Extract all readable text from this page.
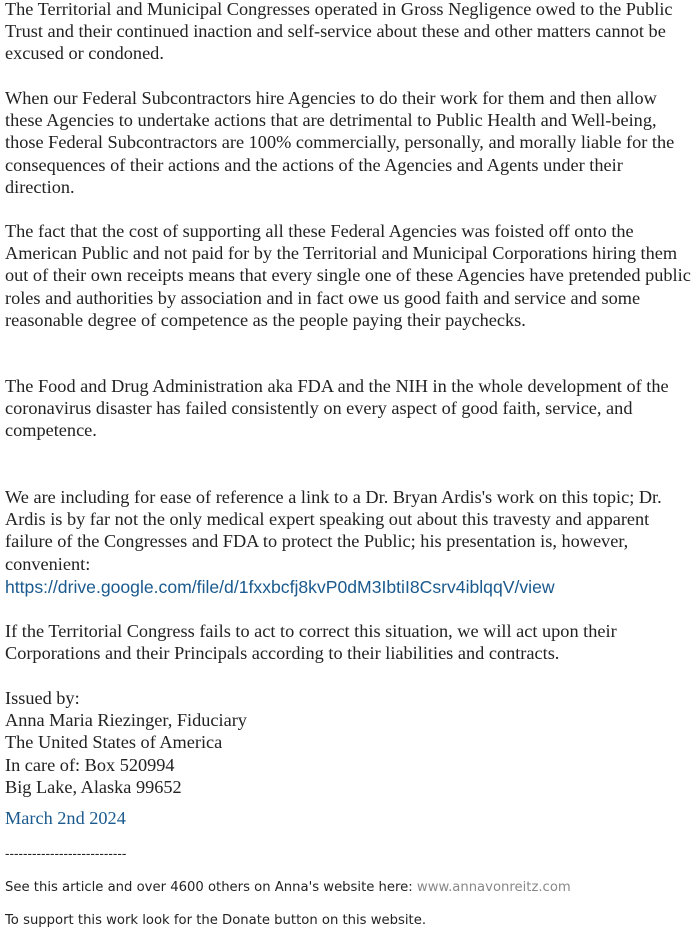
The Territorial and Municipal Congresses operated in Gross Negligence owed to the Public Trust and their continued inaction and self-service about these and other matters cannot be excused or condoned.

When our Federal Subcontractors hire Agencies to do their work for them and then allow these Agencies to undertake actions that are detrimental to Public Health and Well-being, those Federal Subcontractors are 100% commercially, personally, and morally liable for the consequences of their actions and the actions of the Agencies and Agents under their direction.

The fact that the cost of supporting all these Federal Agencies was foisted off onto the American Public and not paid for by the Territorial and Municipal Corporations hiring them out of their own receipts means that every single one of these Agencies have pretended public roles and authorities by association and in fact owe us good faith and service and some reasonable degree of competence as the people paying their paychecks.

The Food and Drug Administration aka FDA and the NIH in the whole development of the coronavirus disaster has failed consistently on every aspect of good faith, service, and competence.

We are including for ease of reference a link to a Dr. Bryan Ardis's work on this topic; Dr. Ardis is by far not the only medical expert speaking out about this travesty and apparent failure of the Congresses and FDA to protect the Public; his presentation is, however, convenient:

https://drive.google.com/file/d/1fxxbcfj8kvP0dM3IbtiI8Csrv4iblqqV/view

If the Territorial Congress fails to act to correct this situation, we will act upon their Corporations and their Principals according to their liabilities and contracts.

Issued by:
Anna Maria Riezinger, Fiduciary
The United States of America
In care of: Box 520994
Big Lake, Alaska 99652
March 2nd 2024
---------------------------
See this article and over 4600 others on Anna's website here: www.annavonreitz.com
To support this work look for the Donate button on this website.
